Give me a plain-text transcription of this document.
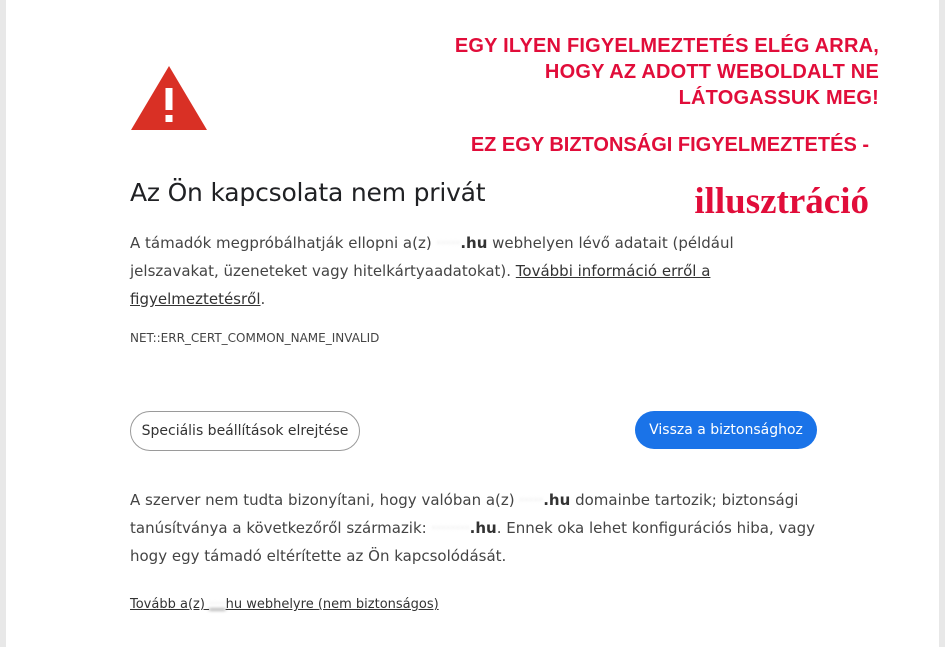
EGY ILYEN FIGYELMEZTETÉS ELÉG ARRA,
HOGY AZ ADOTT WEBOLDALT NE
LÁTOGASSUK MEG!
EZ EGY BIZTONSÁGI FIGYELMEZTETÉS -
illusztráció
Az Ön kapcsolata nem privát
A támadók megpróbálhatják ellopni a(z) ·····.hu webhelyen lévő adatait (például jelszavakat, üzeneteket vagy hitelkártyaadatokat). További információ erről a figyelmeztetésről.
NET::ERR_CERT_COMMON_NAME_INVALID
Speciális beállítások elrejtése	Vissza a biztonsághoz
A szerver nem tudta bizonyítani, hogy valóban a(z) ·····.hu domainbe tartozik; biztonsági tanúsítványa a következőről származik: ········.hu. Ennek oka lehet konfigurációs hiba, vagy hogy egy támadó eltérítette az Ön kapcsolódását.
Tovább a(z) ····hu webhelyre (nem biztonságos)
